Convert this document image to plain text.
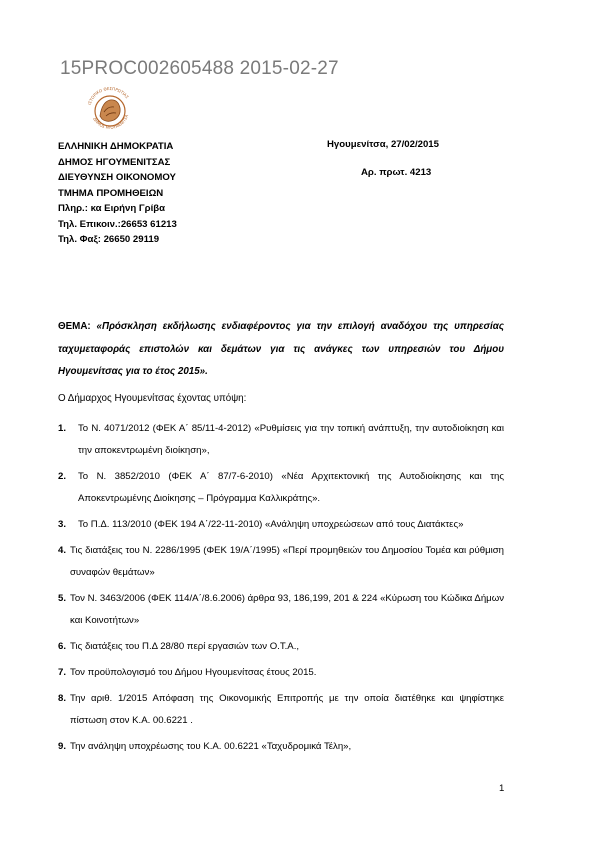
15PROC002605488 2015-02-27
ΙΣΤΟΡΙΚΟ ΘΕΣΠΡΩΤΙΑΣ
ΔΗΜΟΣ ΗΓΟΥΜΕΝΙΤΣΑ
ΕΛΛΗΝΙΚΗ ΔΗΜΟΚΡΑΤΙΑ
ΔΗΜΟΣ ΗΓΟΥΜΕΝΙΤΣΑΣ
ΔΙΕΥΘΥΝΣΗ ΟΙΚΟΝΟΜΟΥ
ΤΜΗΜΑ ΠΡΟΜΗΘΕΙΩΝ
Πληρ.: κα Ειρήνη Γρίβα
Τηλ. Επικοιν.:26653 61213
Τηλ. Φαξ: 26650 29119
Ηγουμενίτσα, 27/02/2015
Αρ. πρωτ. 4213
ΘΕΜΑ: «Πρόσκληση εκδήλωσης ενδιαφέροντος για την επιλογή αναδόχου της υπηρεσίας ταχυμεταφοράς επιστολών και δεμάτων για τις ανάγκες των υπηρεσιών του Δήμου Ηγουμενίτσας για το έτος 2015».
Ο Δήμαρχος Ηγουμενίτσας έχοντας υπόψη:
1.	Το Ν. 4071/2012 (ΦΕΚ Α΄ 85/11-4-2012) «Ρυθμίσεις για την τοπική ανάπτυξη, την αυτοδιοίκηση και την αποκεντρωμένη διοίκηση»,
2.	Το Ν. 3852/2010 (ΦΕΚ Α΄ 87/7-6-2010) «Νέα Αρχιτεκτονική της Αυτοδιοίκησης και της Αποκεντρωμένης Διοίκησης – Πρόγραμμα Καλλικράτης».
3.	Το Π.Δ. 113/2010 (ΦΕΚ 194 Α΄/22-11-2010) «Ανάληψη υποχρεώσεων από τους Διατάκτες»
4. Τις διατάξεις του Ν. 2286/1995 (ΦΕΚ 19/Α΄/1995) «Περί προμηθειών του Δημοσίου Τομέα και ρύθμιση συναφών θεμάτων»
5. Τον Ν. 3463/2006 (ΦΕΚ 114/Α΄/8.6.2006) άρθρα 93, 186,199, 201 & 224 «Κύρωση του Κώδικα Δήμων και Κοινοτήτων»
6. Τις διατάξεις του Π.Δ 28/80 περί εργασιών των Ο.Τ.Α.,
7. Τον προϋπολογισμό του Δήμου Ηγουμενίτσας έτους 2015.
8. Την αριθ. 1/2015 Απόφαση της Οικονομικής Επιτροπής με την οποία διατέθηκε και ψηφίστηκε πίστωση στον Κ.Α. 00.6221 .
9. Την ανάληψη υποχρέωσης του Κ.Α. 00.6221 «Ταχυδρομικά Τέλη»,
1
